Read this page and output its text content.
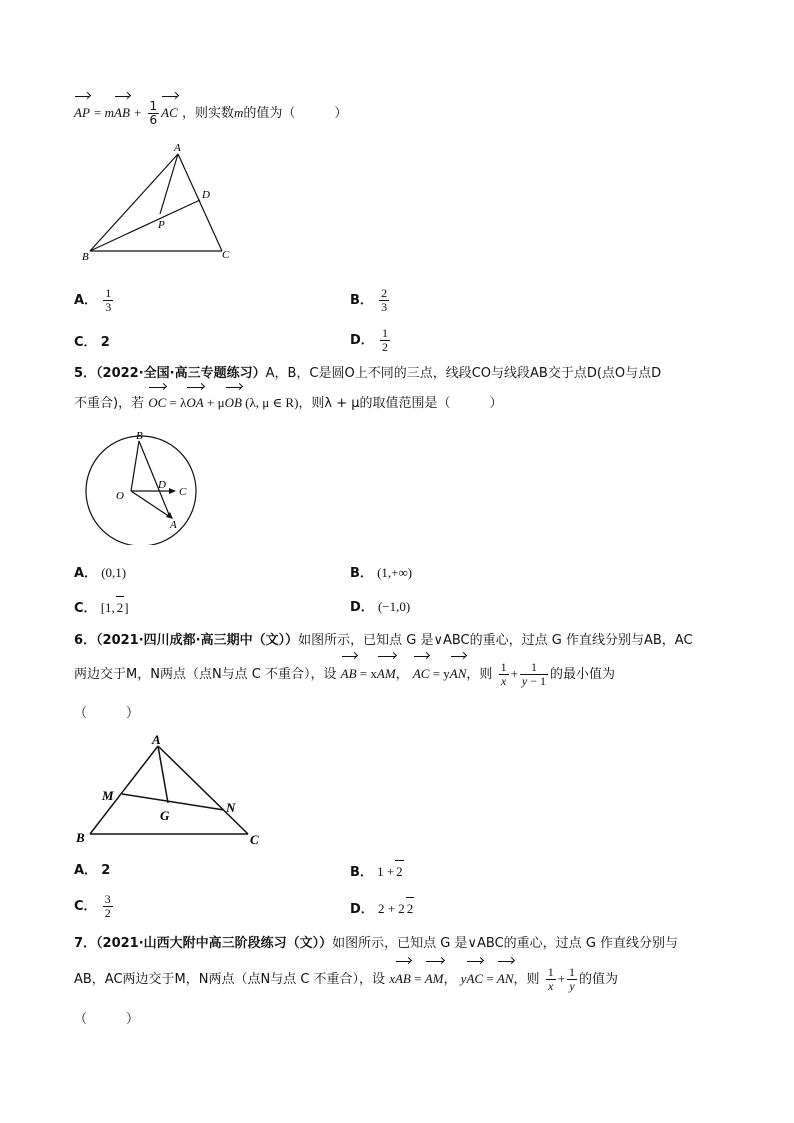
AP = mAB + $\frac{1}{6}$ AC ，则实数m的值为（　　　）
A
B	C
D
P
A． $\frac{1}{3}$	B． $\frac{2}{3}$
C． 2	D． $\frac{1}{2}$
5．（2022·全国·高三专题练习）A，B，C是圆O上不同的三点，线段CO与线段AB交于点D(点O与点D
不重合)，若 OC = λOA + μOB (λ, μ ∈ R)，则λ + μ的取值范围是（　　　）
B
O
D
C
A
A． (0,1)	B． (1,+∞)
C． [1, 2]	D． (−1,0)
6．（2021·四川成都·高三期中（文））如图所示，已知点 G 是∨ABC的重心，过点 G 作直线分别与AB，AC
两边交于M，N两点（点N与点 C 不重合），设 AB = xAM， AC = yAN，则 $\frac{1}{x} + \frac{1}{y - 1}$ 的最小值为
（　　　）
A
B	C
M
N
G
A． 2	B． 1 + 2
C． $\frac{3}{2}$	D． 2 + 2 2
7．（2021·山西大附中高三阶段练习（文））如图所示，已知点 G 是∨ABC的重心，过点 G 作直线分别与
AB，AC两边交于M，N两点（点N与点 C 不重合），设 xAB = AM， yAC = AN，则 $\frac{1}{x} + \frac{1}{y}$ 的值为
（　　　）
